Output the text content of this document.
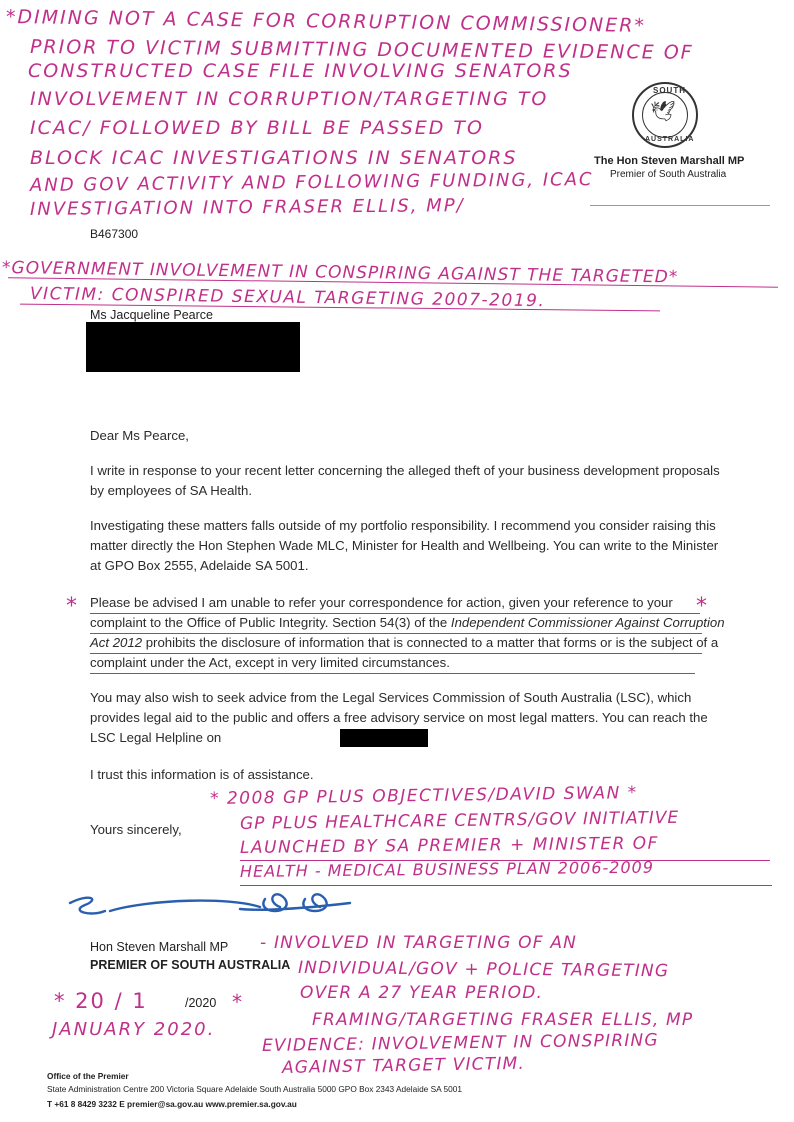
SOUTH
🕊
AUSTRALIA
The Hon Steven Marshall MP
Premier of South Australia
*DIMING NOT A CASE FOR CORRUPTION COMMISSIONER*
PRIOR TO VICTIM SUBMITTING DOCUMENTED EVIDENCE OF
CONSTRUCTED CASE FILE INVOLVING SENATORS
INVOLVEMENT IN CORRUPTION/TARGETING TO
ICAC/ FOLLOWED BY BILL BE PASSED TO
BLOCK ICAC INVESTIGATIONS IN SENATORS
AND GOV ACTIVITY AND FOLLOWING FUNDING, ICAC
INVESTIGATION INTO FRASER ELLIS, MP/
B467300
*GOVERNMENT INVOLVEMENT IN CONSPIRING AGAINST THE TARGETED*
VICTIM: CONSPIRED SEXUAL TARGETING 2007-2019.
Ms Jacqueline Pearce
Dear Ms Pearce,
I write in response to your recent letter concerning the alleged theft of your business development proposals by employees of SA Health.
Investigating these matters falls outside of my portfolio responsibility. I recommend you consider raising this matter directly the Hon Stephen Wade MLC, Minister for Health and Wellbeing. You can write to the Minister at GPO Box 2555, Adelaide SA 5001.
* Please be advised I am unable to refer your correspondence for action, given your reference to your complaint to the Office of Public Integrity. Section 54(3) of the Independent Commissioner Against Corruption Act 2012 prohibits the disclosure of information that is connected to a matter that forms or is the subject of a complaint under the Act, except in very limited circumstances.
*
You may also wish to seek advice from the Legal Services Commission of South Australia (LSC), which provides legal aid to the public and offers a free advisory service on most legal matters. You can reach the LSC Legal Helpline on
I trust this information is of assistance.
* 2008 GP PLUS OBJECTIVES/DAVID SWAN *
Yours sincerely,	GP PLUS HEALTHCARE CENTRS/GOV INITIATIVE
LAUNCHED BY SA PREMIER + MINISTER OF
HEALTH - MEDICAL BUSINESS PLAN 2006-2009
Hon Steven Marshall MP
PREMIER OF SOUTH AUSTRALIA
- INVOLVED IN TARGETING OF AN
INDIVIDUAL/GOV + POLICE TARGETING
OVER A 27 YEAR PERIOD.
FRAMING/TARGETING FRASER ELLIS, MP
EVIDENCE: INVOLVEMENT IN CONSPIRING
AGAINST TARGET VICTIM.
* 20 / 1	/2020 *
JANUARY 2020.
Office of the Premier
State Administration Centre 200 Victoria Square Adelaide South Australia 5000 GPO Box 2343 Adelaide SA 5001
T +61 8 8429 3232 E premier@sa.gov.au www.premier.sa.gov.au
